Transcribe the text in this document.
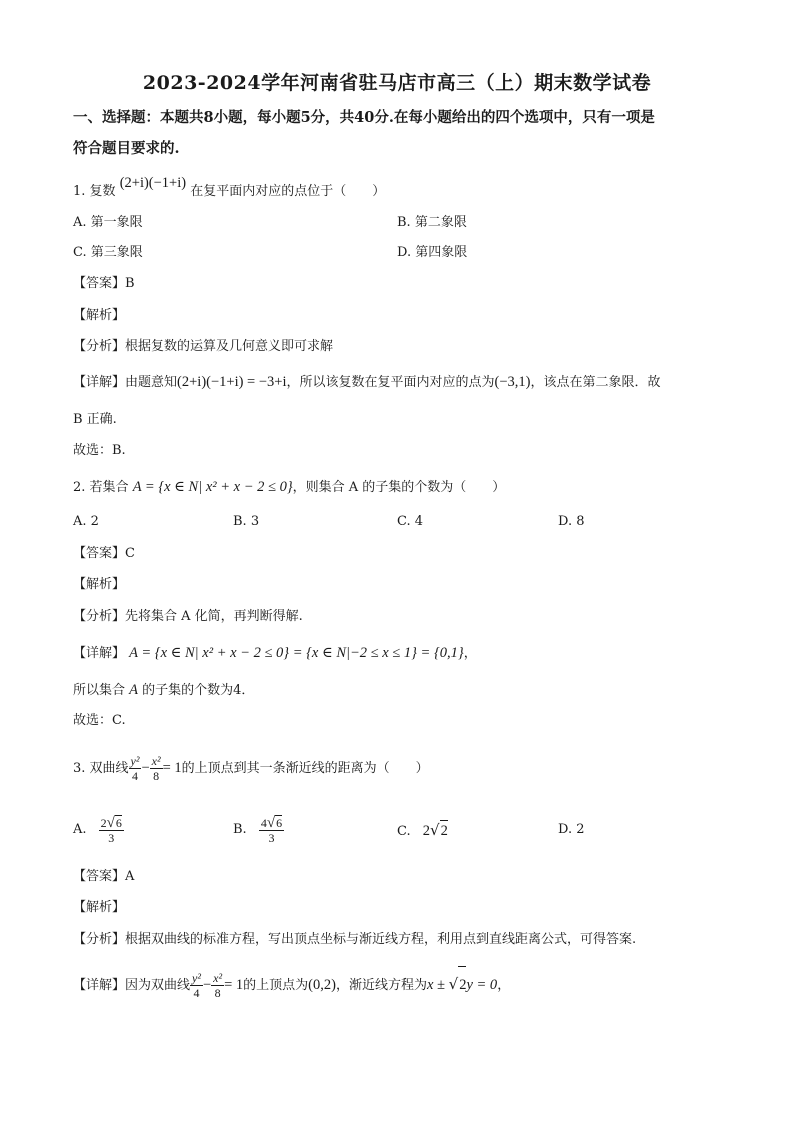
2023-2024学年河南省驻马店市高三（上）期末数学试卷
一、选择题：本题共8小题，每小题5分，共40分.在每小题给出的四个选项中，只有一项是
符合题目要求的.
1. 复数 (2+i)(−1+i) 在复平面内对应的点位于（　　）
A. 第一象限	B. 第二象限
C. 第三象限	D. 第四象限
【答案】B
【解析】
【分析】根据复数的运算及几何意义即可求解
【详解】由题意知(2+i)(−1+i) = −3+i，所以该复数在复平面内对应的点为(−3,1)，该点在第二象限．故
B 正确.
故选：B.
2. 若集合 A = {x ∈ N| x² + x − 2 ≤ 0}，则集合 A 的子集的个数为（　　）
A. 2	B. 3	C. 4	D. 8
【答案】C
【解析】
【分析】先将集合 A 化简，再判断得解.
【详解】 A = {x ∈ N| x² + x − 2 ≤ 0} = {x ∈ N|−2 ≤ x ≤ 1} = {0,1}，
所以集合 A 的子集的个数为4．
故选：C.
3. 双曲线 $\frac{\text{y²}}{4} - \frac{\text{x²}}{8} = 1$的上顶点到其一条渐近线的距离为（　　）
A. $\frac{2√6}{3}$	B. $\frac{4√6}{3}$	C. 2√2	D. 2
【答案】A
【解析】
【分析】根据双曲线的标准方程，写出顶点坐标与渐近线方程，利用点到直线距离公式，可得答案.
【详解】因为双曲线 $\frac{\text{y²}}{4} - \frac{\text{x²}}{8} = 1$的上顶点为(0,2)，渐近线方程为x ± √2y = 0，
